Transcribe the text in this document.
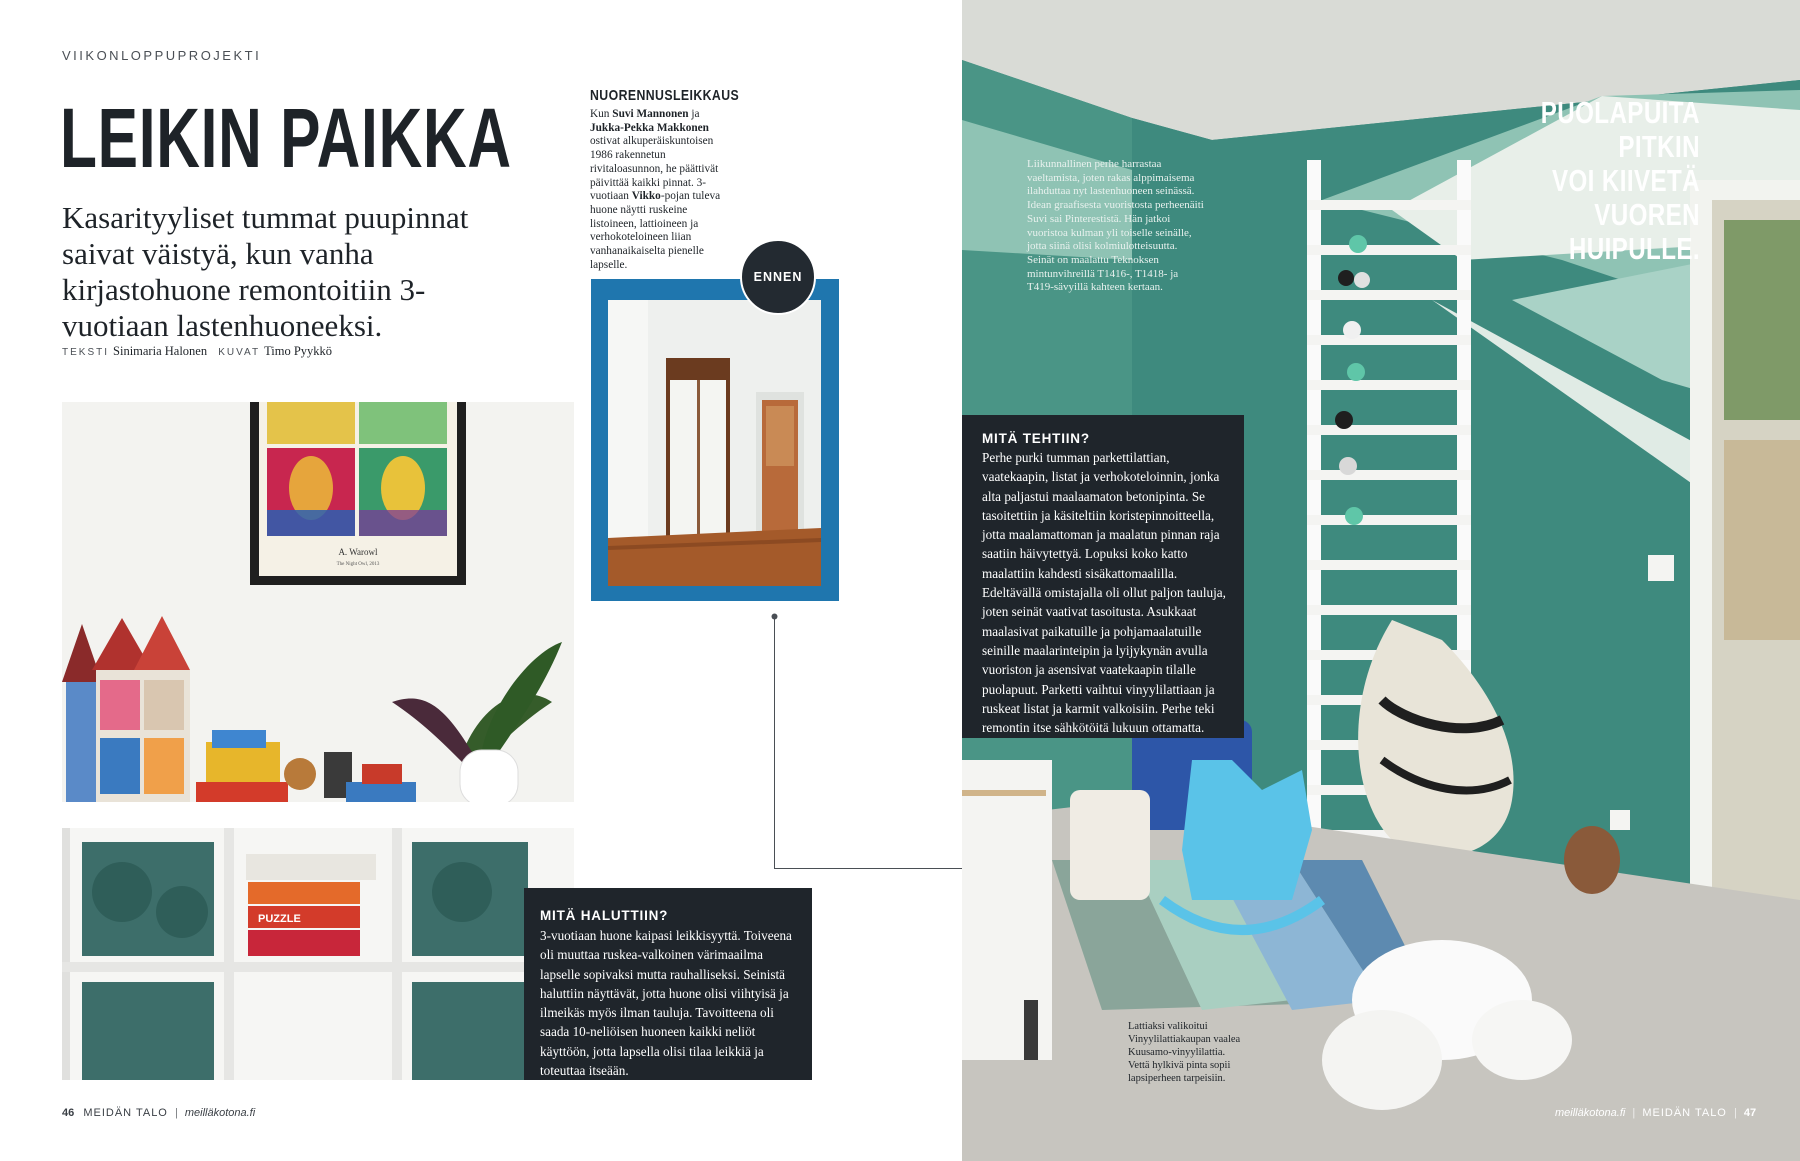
VIIKONLOPPUPROJEKTI
LEIKIN PAIKKA
Kasarityyliset tummat puupinnat saivat väistyä, kun vanha kirjastohuone remontoitiin 3-vuotiaan lastenhuoneeksi.
TEKSTI Sinimaria Halonen KUVAT Timo Pyykkö
NUORENNUSLEIKKAUS
Kun Suvi Mannonen ja Jukka-Pekka Makkonen ostivat alkuperäiskuntoisen 1986 rakennetun rivitaloasunnon, he päättivät päivittää kaikki pinnat. 3-vuotiaan Vikko-pojan tuleva huone näytti ruskeine listoineen, lattioineen ja verhokoteloineen liian vanhanaikaiselta pienelle lapselle.
ENNEN
A. Warowl
The Night Owl, 2013
PUZZLE	MITÄ HALUTTIIN?
3-vuotiaan huone kaipasi leikkisyyttä. Toiveena oli muuttaa ruskea-valkoinen värimaailma lapselle sopivaksi mutta rauhalliseksi. Seinistä haluttiin näyttävät, jotta huone olisi viihtyisä ja ilmeikäs myös ilman tauluja. Tavoitteena oli saada 10-neliöisen huoneen kaikki neliöt käyttöön, jotta lapsella olisi tilaa leikkiä ja toteuttaa itseään.
46 MEIDÄN TALO | meilläkotona.fi
PUOLAPUITA PITKIN
VOI KIIVETÄ VUOREN
HUIPULLE.
Liikunnallinen perhe harrastaa vaeltamista, joten rakas alppimaisema ilahduttaa nyt lastenhuoneen seinässä. Idean graafisesta vuoristosta perheenäiti Suvi sai Pinterestistä. Hän jatkoi vuoristoa kulman yli toiselle seinälle, jotta siinä olisi kolmiulotteisuutta. Seinät on maalattu Teknoksen mintunvihreillä T1416-, T1418- ja T419-sävyillä kahteen kertaan.
MITÄ TEHTIIN?
Perhe purki tumman parkettilattian, vaatekaapin, listat ja verhokoteloinnin, jonka alta paljastui maalaamaton betonipinta. Se tasoitettiin ja käsiteltiin koristepinnoitteella, jotta maalamattoman ja maalatun pinnan raja saatiin häivytettyä. Lopuksi koko katto maalattiin kahdesti sisäkattomaalilla. Edeltävällä omistajalla oli ollut paljon tauluja, joten seinät vaativat tasoitusta. Asukkaat maalasivat paikatuille ja pohjamaalatuille seinille maalarinteipin ja lyijykynän avulla vuoriston ja asensivat vaatekaapin tilalle puolapuut. Parketti vaihtui vinyylilattiaan ja ruskeat listat ja karmit valkoisiin. Perhe teki remontin itse sähkötöitä lukuun ottamatta.
Lattiaksi valikoitui Vinyylilattiakaupan vaalea Kuusamo-vinyylilattia. Vettä hylkivä pinta sopii lapsiperheen tarpeisiin.
meilläkotona.fi | MEIDÄN TALO | 47
